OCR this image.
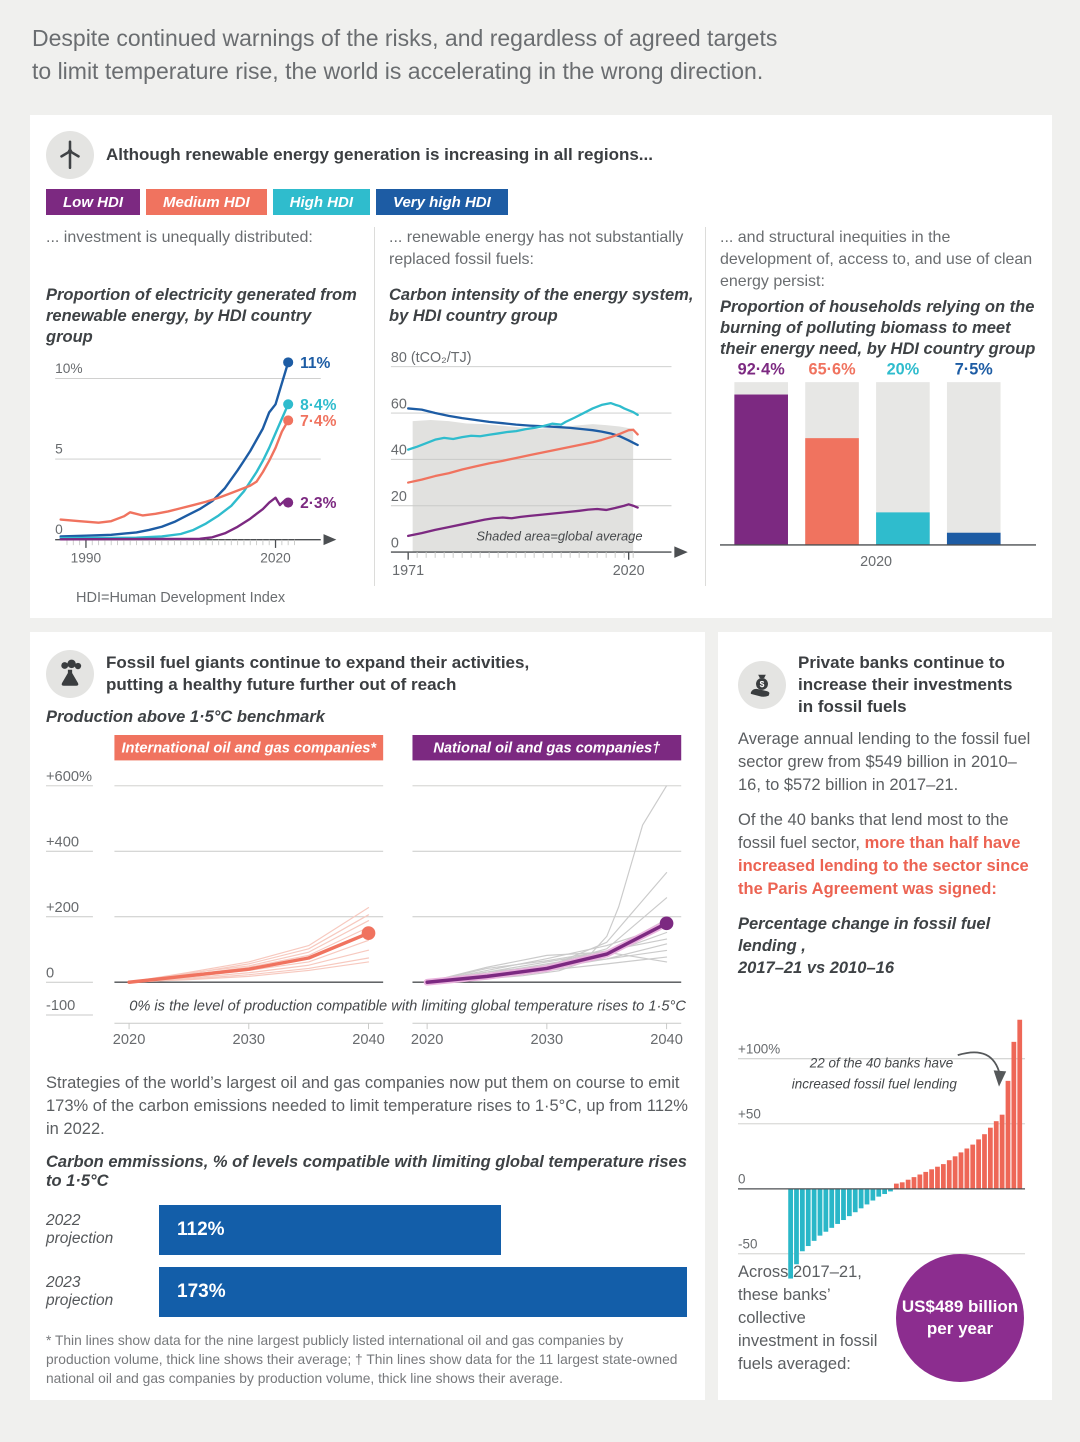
Despite continued warnings of the risks, and regardless of agreed targets
to limit temperature rise, the world is accelerating in the wrong direction.
Although renewable energy generation is increasing in all regions...
Low HDI	Medium HDI	High HDI	Very high HDI
... investment is unequally distributed:
Proportion of electricity generated from renewable energy, by HDI country group
10%
5
0
1990	2020
11%
8·4%
7·4%
2·3%
... renewable energy has not substantially replaced fossil fuels:
Carbon intensity of the energy system, by HDI country group
80 (tCO₂/TJ)
60
40
20
0
1971	2020
Shaded area=global average
... and structural inequities in the development of, access to, and use of clean energy persist:
Proportion of households relying on the burning of polluting biomass to meet their energy need, by HDI country group
92·4% 65·6% 20% 7·5%
2020
HDI=Human Development Index
Fossil fuel giants continue to expand their activities,
putting a healthy future further out of reach
Production above 1·5°C benchmark
+600%
+400
+200
0
-100
International oil and gas companies*
2020	2030	2040
National oil and gas companies†
2020	2030	2040
0% is the level of production compatible with limiting global temperature rises to 1·5°C

Strategies of the world’s largest oil and gas companies now put them on course to emit 173% of the carbon emissions needed to limit temperature rises to 1·5°C, up from 112% in 2022.

Carbon emmissions, % of levels compatible with limiting global temperature rises to 1·5°C
2022 projection	112%
2023 projection	173%

* Thin lines show data for the nine largest publicly listed international oil and gas companies by production volume, thick line shows their average; † Thin lines show data for the 11 largest state-owned national oil and gas companies by production volume, thick line shows their average.

$
Private banks continue to increase their investments in fossil fuels

Average annual lending to the fossil fuel sector grew from $549 billion in 2010–16, to $572 billion in 2017–21.

Of the 40 banks that lend most to the fossil fuel sector, more than half have increased lending to the sector since the Paris Agreement was signed:

Percentage change in fossil fuel lending ,
2017–21 vs 2010–16
+100%
+50
0
-50
22 of the 40 banks have
increased fossil fuel lending
Across 2017–21, these banks’ collective investment in fossil fuels averaged:
US$489 billion
per year
